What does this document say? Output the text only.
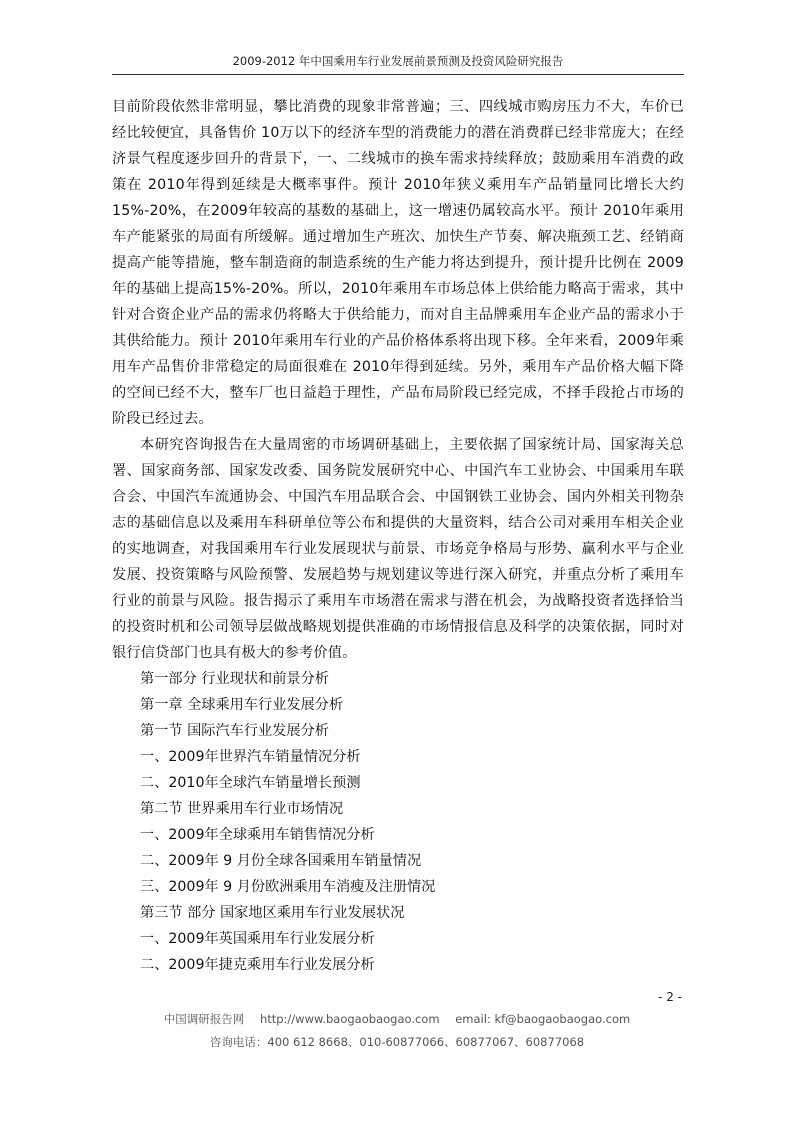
2009-2012 年中国乘用车行业发展前景预测及投资风险研究报告

目前阶段依然非常明显，攀比消费的现象非常普遍；三、四线城市购房压力不大，车价已经比较便宜，具备售价 10万以下的经济车型的消费能力的潜在消费群已经非常庞大；在经济景气程度逐步回升的背景下，一、二线城市的换车需求持续释放；鼓励乘用车消费的政策在 2010年得到延续是大概率事件。预计 2010年狭义乘用车产品销量同比增长大约 15%-20%，在2009年较高的基数的基础上，这一增速仍属较高水平。预计 2010年乘用车产能紧张的局面有所缓解。通过增加生产班次、加快生产节奏、解决瓶颈工艺、经销商提高产能等措施，整车制造商的制造系统的生产能力将达到提升，预计提升比例在 2009 年的基础上提高15%-20%。所以，2010年乘用车市场总体上供给能力略高于需求，其中针对合资企业产品的需求仍将略大于供给能力，而对自主品牌乘用车企业产品的需求小于其供给能力。预计 2010年乘用车行业的产品价格体系将出现下移。全年来看，2009年乘用车产品售价非常稳定的局面很难在 2010年得到延续。另外，乘用车产品价格大幅下降的空间已经不大，整车厂也日益趋于理性，产品布局阶段已经完成，不择手段抢占市场的阶段已经过去。

本研究咨询报告在大量周密的市场调研基础上，主要依据了国家统计局、国家海关总署、国家商务部、国家发改委、国务院发展研究中心、中国汽车工业协会、中国乘用车联合会、中国汽车流通协会、中国汽车用品联合会、中国钢铁工业协会、国内外相关刊物杂志的基础信息以及乘用车科研单位等公布和提供的大量资料，结合公司对乘用车相关企业的实地调查，对我国乘用车行业发展现状与前景、市场竞争格局与形势、赢利水平与企业发展、投资策略与风险预警、发展趋势与规划建议等进行深入研究，并重点分析了乘用车行业的前景与风险。报告揭示了乘用车市场潜在需求与潜在机会，为战略投资者选择恰当的投资时机和公司领导层做战略规划提供准确的市场情报信息及科学的决策依据，同时对银行信贷部门也具有极大的参考价值。

第一部分 行业现状和前景分析
第一章 全球乘用车行业发展分析
第一节 国际汽车行业发展分析
一、2009年世界汽车销量情况分析
二、2010年全球汽车销量增长预测
第二节 世界乘用车行业市场情况
一、2009年全球乘用车销售情况分析
二、2009年 9 月份全球各国乘用车销量情况
三、2009年 9 月份欧洲乘用车消瘦及注册情况
第三节 部分 国家地区乘用车行业发展状况
一、2009年英国乘用车行业发展分析
二、2009年捷克乘用车行业发展分析
- 2 -
中国调研报告网 http://www.baogaobaogao.com email: kf@baogaobaogao.com
咨询电话：400 612 8668、010-60877066、60877067、60877068
